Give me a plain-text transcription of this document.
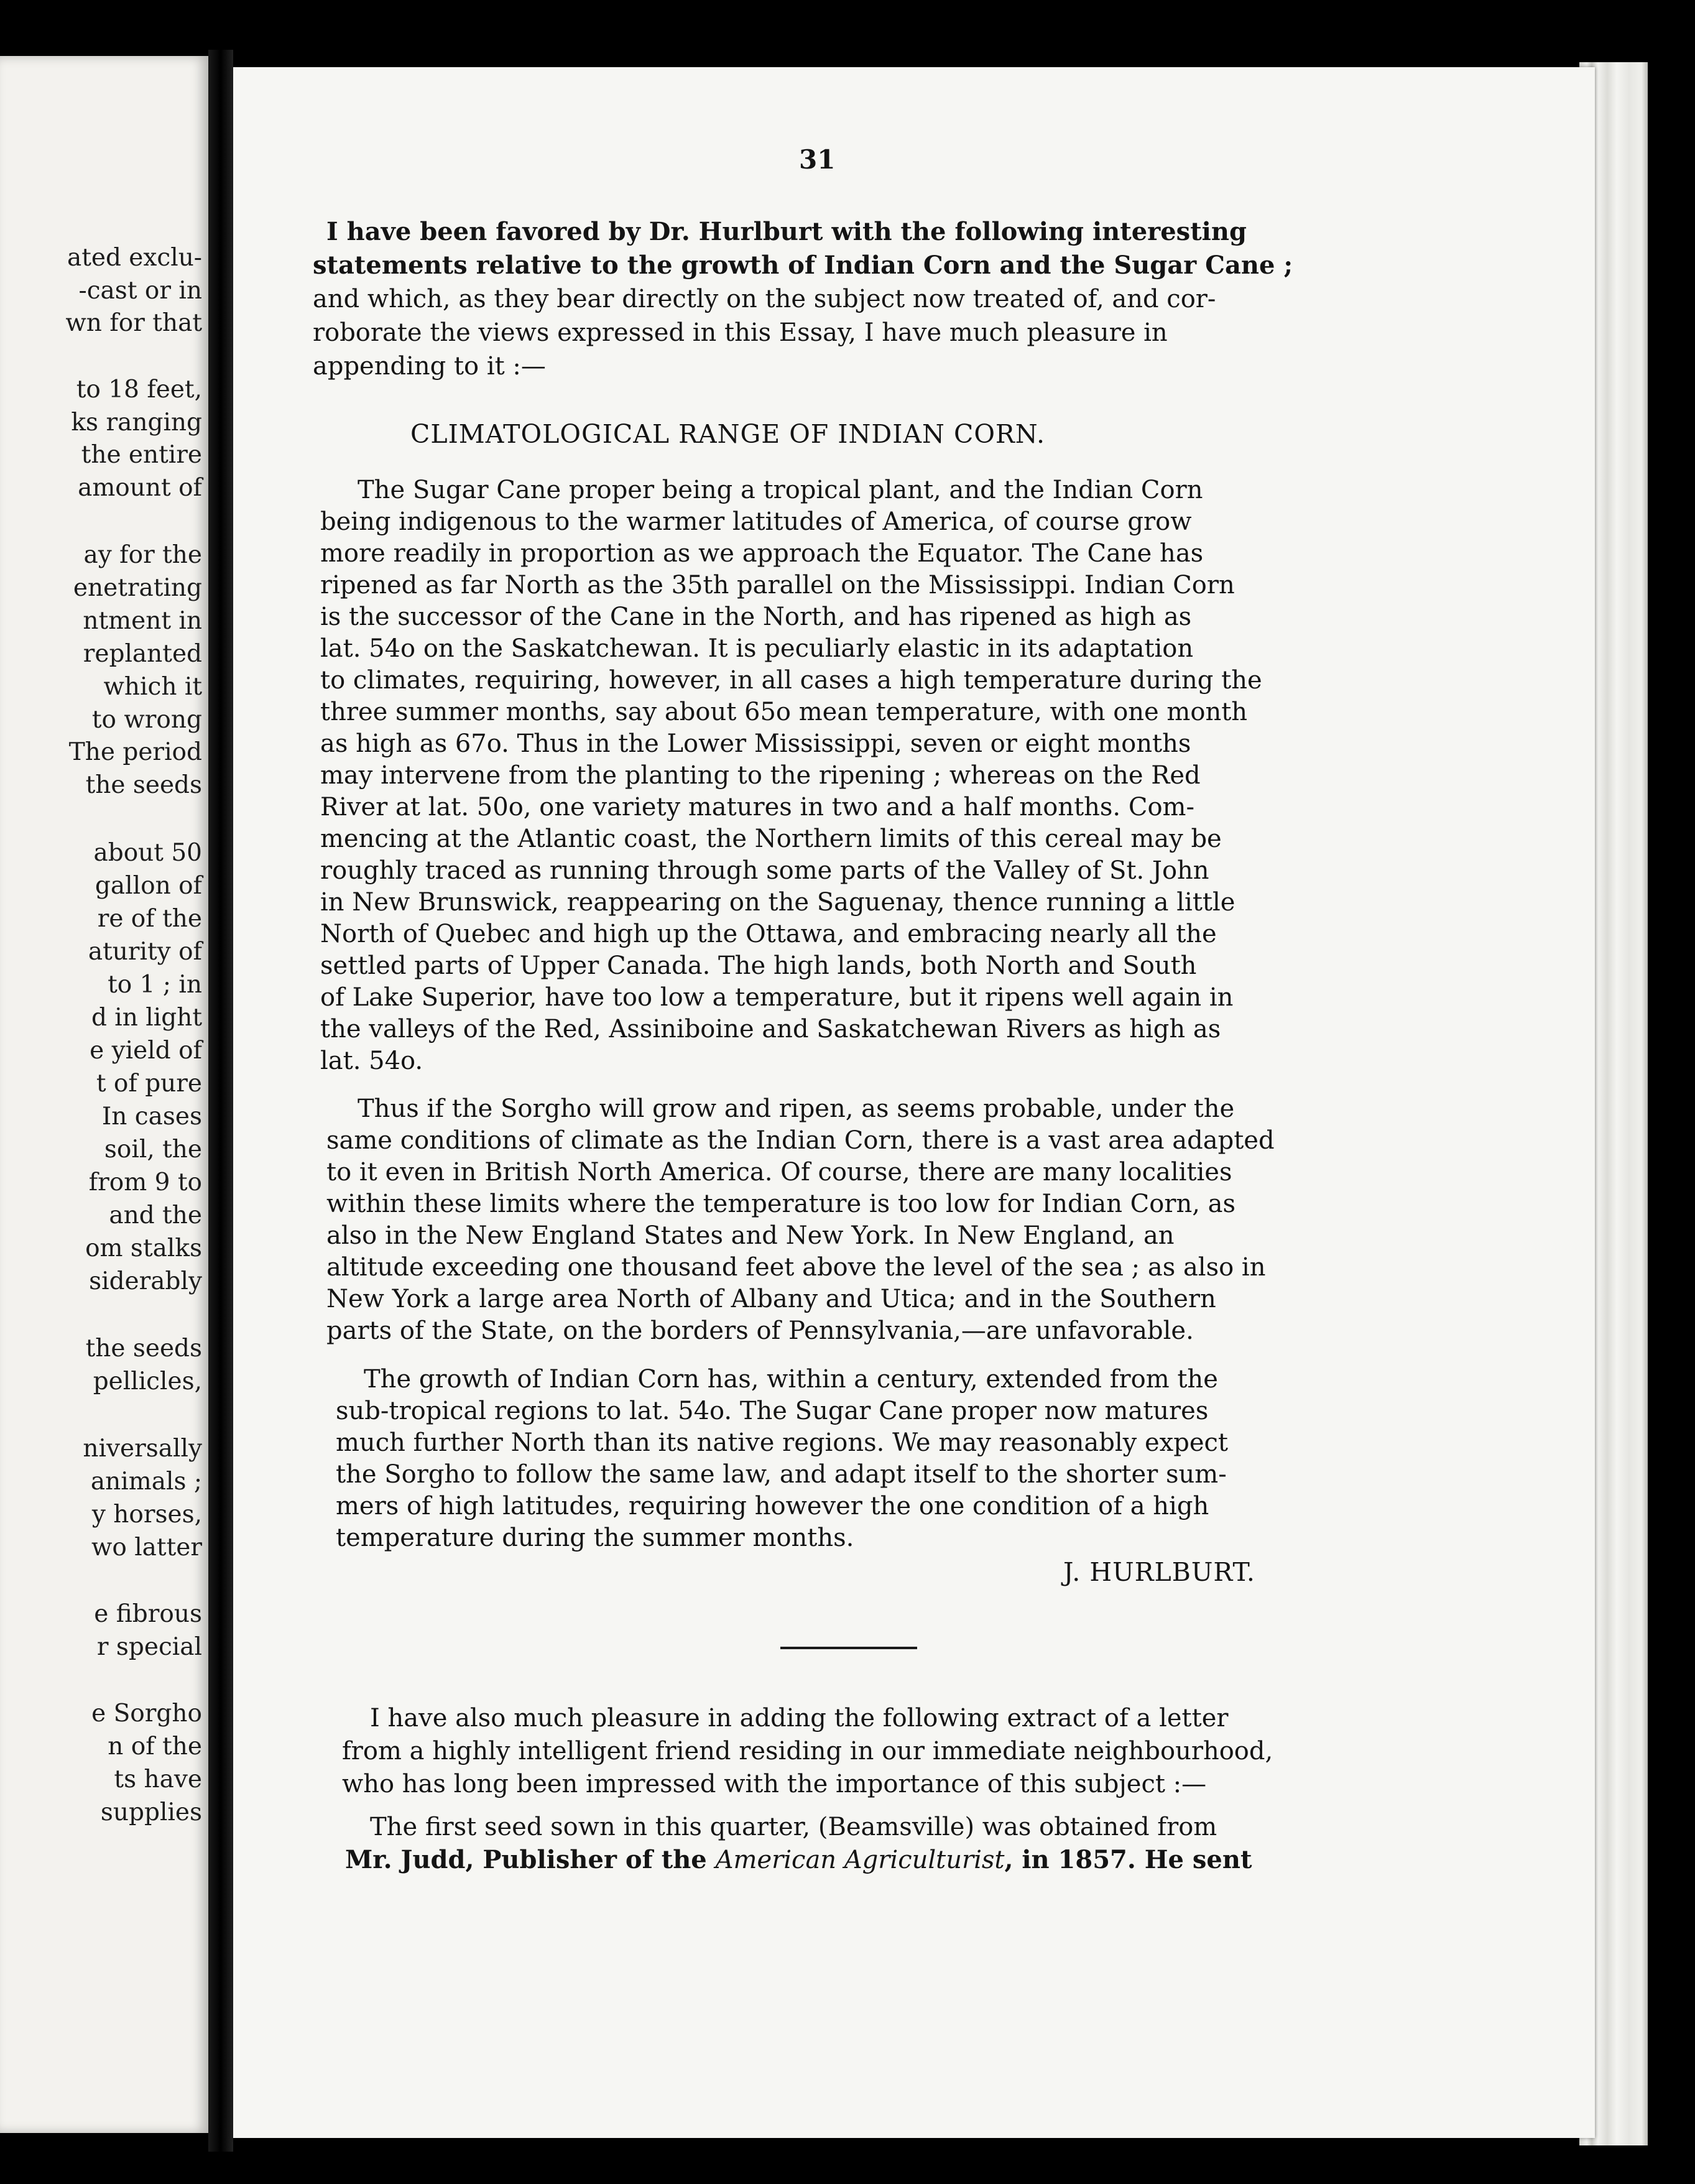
ated exclu-
-cast or in
wn for that
to 18 feet,
ks ranging
the entire
amount of
ay for the
enetrating
ntment in
replanted
which it
to wrong
The period
the seeds
about 50
gallon of
re of the
aturity of
to 1 ; in
d in light
e yield of
t of pure
In cases
soil, the
from 9 to
and the
om stalks
siderably
the seeds
pellicles,
niversally
animals ;
y horses,
wo latter
e fibrous
r special
e Sorgho
n of the
ts have
supplies
31
I have been favored by Dr. Hurlburt with the following interesting
statements relative to the growth of Indian Corn and the Sugar Cane ;
and which, as they bear directly on the subject now treated of, and cor-
roborate the views expressed in this Essay, I have much pleasure in
appending to it :—
CLIMATOLOGICAL RANGE OF INDIAN CORN.
The Sugar Cane proper being a tropical plant, and the Indian Corn
being indigenous to the warmer latitudes of America, of course grow
more readily in proportion as we approach the Equator. The Cane has
ripened as far North as the 35th parallel on the Mississippi. Indian Corn
is the successor of the Cane in the North, and has ripened as high as
lat. 54o on the Saskatchewan. It is peculiarly elastic in its adaptation
to climates, requiring, however, in all cases a high temperature during the
three summer months, say about 65o mean temperature, with one month
as high as 67o. Thus in the Lower Mississippi, seven or eight months
may intervene from the planting to the ripening ; whereas on the Red
River at lat. 50o, one variety matures in two and a half months. Com-
mencing at the Atlantic coast, the Northern limits of this cereal may be
roughly traced as running through some parts of the Valley of St. John
in New Brunswick, reappearing on the Saguenay, thence running a little
North of Quebec and high up the Ottawa, and embracing nearly all the
settled parts of Upper Canada. The high lands, both North and South
of Lake Superior, have too low a temperature, but it ripens well again in
the valleys of the Red, Assiniboine and Saskatchewan Rivers as high as
lat. 54o.
Thus if the Sorgho will grow and ripen, as seems probable, under the
same conditions of climate as the Indian Corn, there is a vast area adapted
to it even in British North America. Of course, there are many localities
within these limits where the temperature is too low for Indian Corn, as
also in the New England States and New York. In New England, an
altitude exceeding one thousand feet above the level of the sea ; as also in
New York a large area North of Albany and Utica; and in the Southern
parts of the State, on the borders of Pennsylvania,—are unfavorable.
The growth of Indian Corn has, within a century, extended from the
sub-tropical regions to lat. 54o. The Sugar Cane proper now matures
much further North than its native regions. We may reasonably expect
the Sorgho to follow the same law, and adapt itself to the shorter sum-
mers of high latitudes, requiring however the one condition of a high
temperature during the summer months.
J. HURLBURT.
I have also much pleasure in adding the following extract of a letter
from a highly intelligent friend residing in our immediate neighbourhood,
who has long been impressed with the importance of this subject :—
The first seed sown in this quarter, (Beamsville) was obtained from
Mr. Judd, Publisher of the American Agriculturist, in 1857. He sent
